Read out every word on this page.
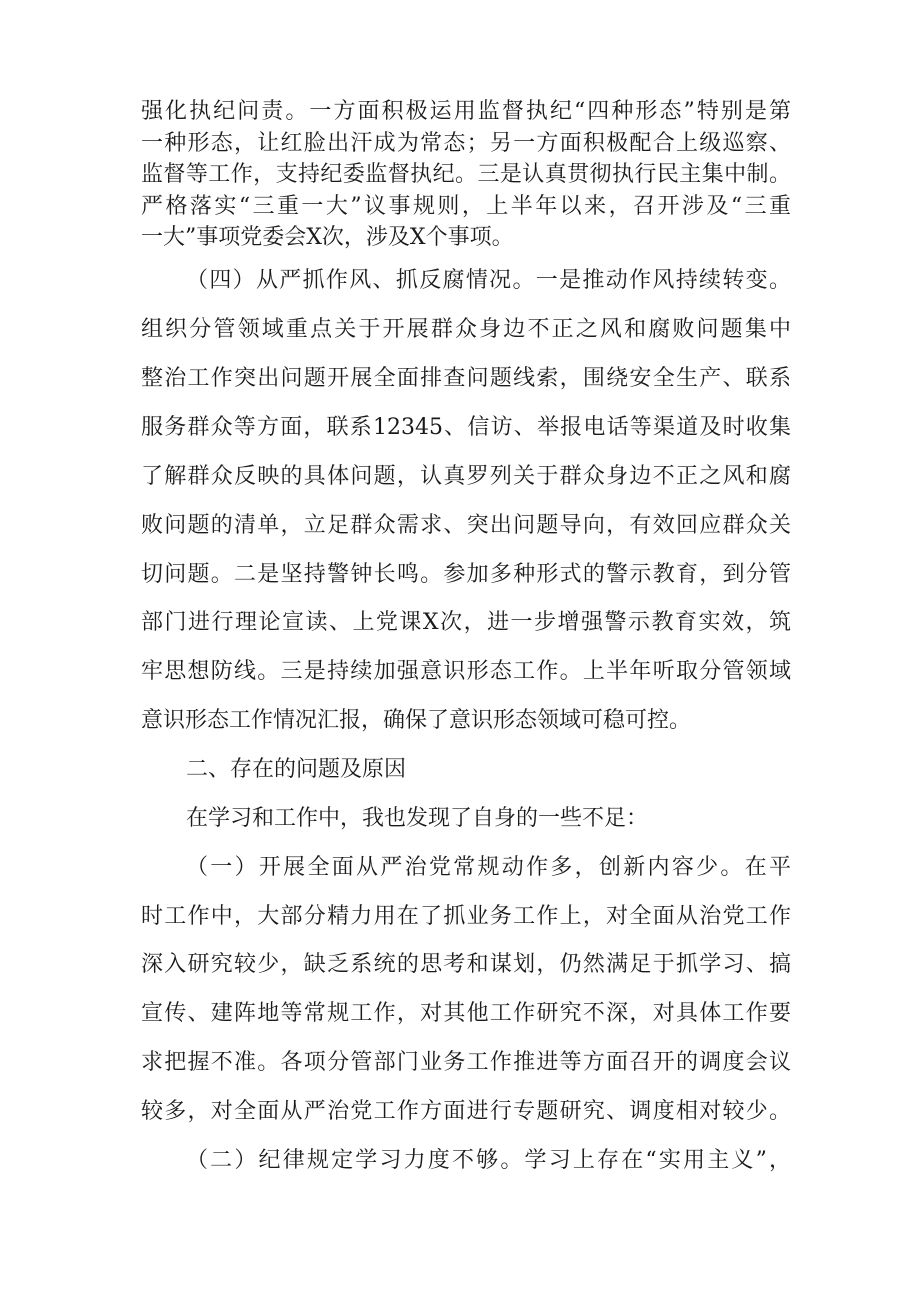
强化执纪问责。一方面积极运用监督执纪“四种形态”特别是第
一种形态，让红脸出汗成为常态；另一方面积极配合上级巡察、
监督等工作，支持纪委监督执纪。三是认真贯彻执行民主集中制。
严格落实“三重一大”议事规则，上半年以来，召开涉及“三重
一大”事项党委会X次，涉及X个事项。
（四）从严抓作风、抓反腐情况。一是推动作风持续转变。
组织分管领域重点关于开展群众身边不正之风和腐败问题集中
整治工作突出问题开展全面排查问题线索，围绕安全生产、联系
服务群众等方面，联系12345、信访、举报电话等渠道及时收集
了解群众反映的具体问题，认真罗列关于群众身边不正之风和腐
败问题的清单，立足群众需求、突出问题导向，有效回应群众关
切问题。二是坚持警钟长鸣。参加多种形式的警示教育，到分管
部门进行理论宣读、上党课X次，进一步增强警示教育实效，筑
牢思想防线。三是持续加强意识形态工作。上半年听取分管领域
意识形态工作情况汇报，确保了意识形态领域可稳可控。
二、存在的问题及原因
在学习和工作中，我也发现了自身的一些不足：
（一）开展全面从严治党常规动作多，创新内容少。在平
时工作中，大部分精力用在了抓业务工作上，对全面从治党工作
深入研究较少，缺乏系统的思考和谋划，仍然满足于抓学习、搞
宣传、建阵地等常规工作，对其他工作研究不深，对具体工作要
求把握不准。各项分管部门业务工作推进等方面召开的调度会议
较多，对全面从严治党工作方面进行专题研究、调度相对较少。
（二）纪律规定学习力度不够。学习上存在“实用主义”，
